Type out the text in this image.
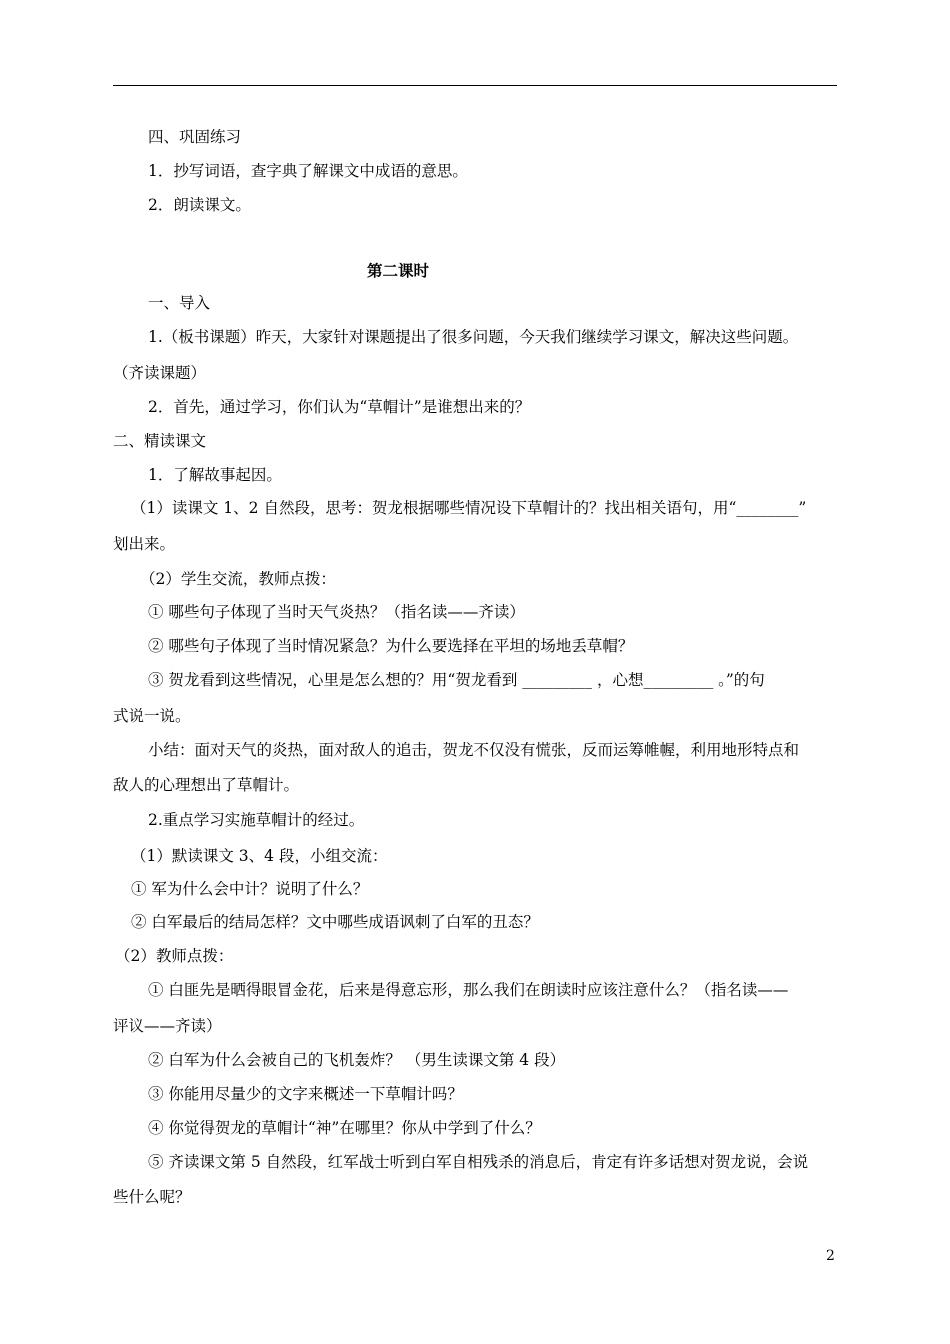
四、巩固练习
1．抄写词语，查字典了解课文中成语的意思。
2．朗读课文。
第二课时
一、导入
1.（板书课题）昨天，大家针对课题提出了很多问题，今天我们继续学习课文，解决这些问题。
（齐读课题）
2．首先，通过学习，你们认为“草帽计”是谁想出来的？
二、精读课文
1．了解故事起因。
（1）读课文 1、2 自然段，思考：贺龙根据哪些情况设下草帽计的？找出相关语句，用“________”
划出来。
（2）学生交流，教师点拨：
① 哪些句子体现了当时天气炎热？（指名读——齐读）
② 哪些句子体现了当时情况紧急？为什么要选择在平坦的场地丢草帽？
③ 贺龙看到这些情况，心里是怎么想的？用“贺龙看到 _________ ，心想_________ 。”的句
式说一说。
小结：面对天气的炎热，面对敌人的追击，贺龙不仅没有慌张，反而运筹帷幄，利用地形特点和
敌人的心理想出了草帽计。
2.重点学习实施草帽计的经过。
（1）默读课文 3、4 段，小组交流：
① 军为什么会中计？说明了什么？
② 白军最后的结局怎样？文中哪些成语讽刺了白军的丑态？
（2）教师点拨：
① 白匪先是晒得眼冒金花，后来是得意忘形，那么我们在朗读时应该注意什么？（指名读——
评议——齐读）
② 白军为什么会被自己的飞机轰炸？ （男生读课文第 4 段）
③ 你能用尽量少的文字来概述一下草帽计吗？
④ 你觉得贺龙的草帽计“神”在哪里？你从中学到了什么？
⑤ 齐读课文第 5 自然段，红军战士听到白军自相残杀的消息后，肯定有许多话想对贺龙说，会说
些什么呢？
2
